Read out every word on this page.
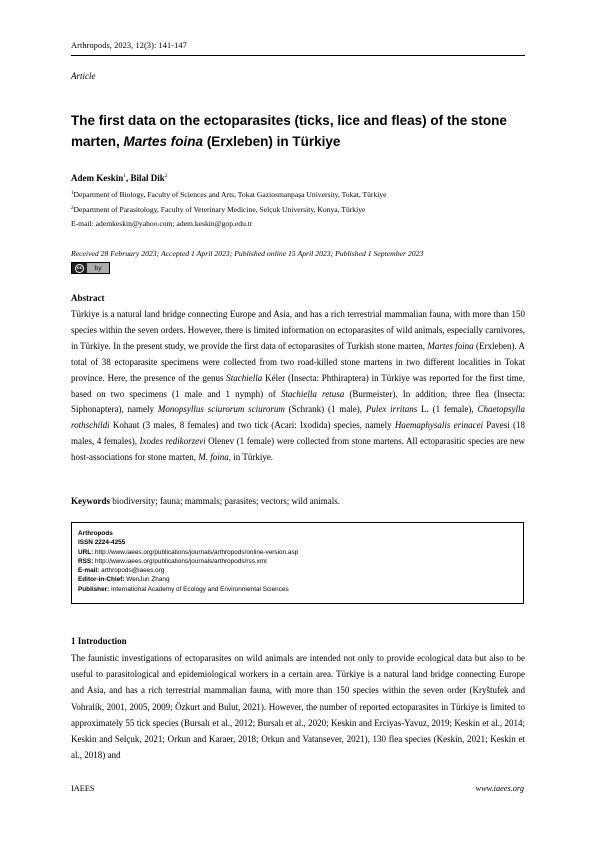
Arthropods, 2023, 12(3): 141-147
Article
The first data on the ectoparasites (ticks, lice and fleas) of the stone marten, Martes foina (Erxleben) in Türkiye
Adem Keskin$^1$, Bilal Dik$^2$
$^1$Department of Biology, Faculty of Sciences and Arts, Tokat Gaziosmanpaşa University, Tokat, Türkiye
$^2$Department of Parasitology, Faculty of Veterinary Medicine, Selçuk University, Konya, Türkiye
E-mail: ademkeskin@yahoo.com; adem.keskin@gop.edu.tr
Received 28 February 2023; Accepted 1 April 2023; Published online 15 April 2023; Published 1 September 2023
cc	by
Abstract
Türkiye is a natural land bridge connecting Europe and Asia, and has a rich terrestrial mammalian fauna, with more than 150 species within the seven orders. However, there is limited information on ectoparasites of wild animals, especially carnivores, in Türkiye. In the present study, we provide the first data of ectoparasites of Turkish stone marten, Martes foina (Erxleben). A total of 38 ectoparasite specimens were collected from two road-killed stone martens in two different localities in Tokat province. Here, the presence of the genus Stachiella Kéler (Insecta: Phthiraptera) in Türkiye was reported for the first time, based on two specimens (1 male and 1 nymph) of Stachiella retusa (Burmeister). In addition, three flea (Insecta: Siphonaptera), namely Monopsyllus sciurorum sciurorum (Schrank) (1 male), Pulex irritans L. (1 female), Chaetopsylla rothschildi Kohaut (3 males, 8 females) and two tick (Acari: Ixodida) species, namely Haemaphysalis erinacei Pavesi (18 males, 4 females), Ixodes redikorzevi Olenev (1 female) were collected from stone martens. All ectoparasitic species are new host-associations for stone marten, M. foina, in Türkiye.
Keywords biodiversity; fauna; mammals; parasites; vectors; wild animals.
Arthropods
ISSN 2224-4255
URL: http://www.iaees.org/publications/journals/arthropods/online-version.asp
RSS: http://www.iaees.org/publications/journals/arthropods/rss.xml
E-mail: arthropods@iaees.org
Editor-in-Chief: WenJun Zhang
Publisher: International Academy of Ecology and Environmental Sciences
1 Introduction
The faunistic investigations of ectoparasites on wild animals are intended not only to provide ecological data but also to be useful to parasitological and epidemiological workers in a certain area. Türkiye is a natural land bridge connecting Europe and Asia, and has a rich terrestrial mammalian fauna, with more than 150 species within the seven order (Kryštufek and Vohralík, 2001, 2005, 2009; Özkurt and Bulut, 2021). However, the number of reported ectoparasites in Türkiye is limited to approximately 55 tick species (Bursalı et al., 2012; Bursalı et al., 2020; Keskin and Erciyas-Yavuz, 2019; Keskin et al., 2014; Keskin and Selçuk, 2021; Orkun and Karaer, 2018; Orkun and Vatansever, 2021), 130 flea species (Keskin, 2021; Keskin et al., 2018) and
IAEES	www.iaees.org
